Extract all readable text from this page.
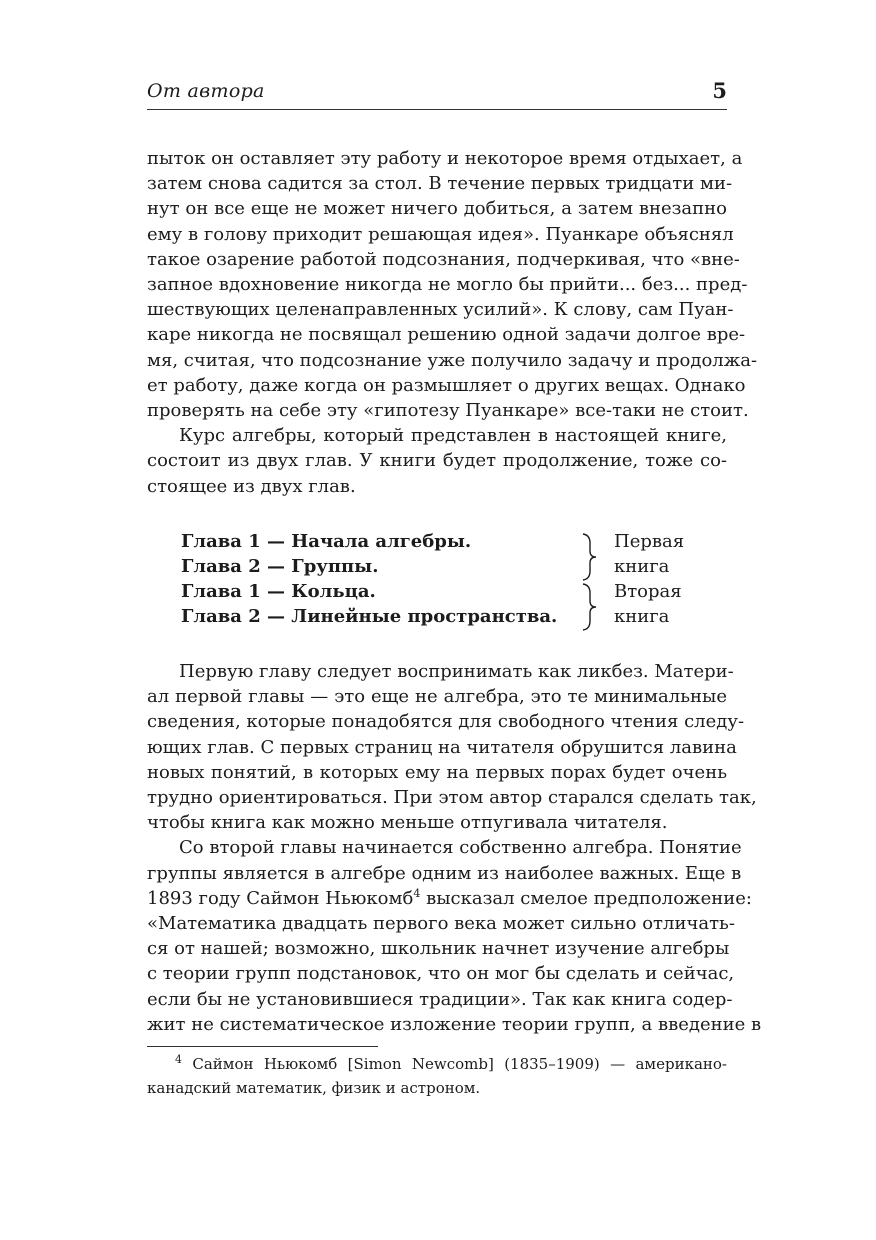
От автора	5
пыток он оставляет эту работу и некоторое время отдыхает, а
затем снова садится за стол. В течение первых тридцати ми-
нут он все еще не может ничего добиться, а затем внезапно
ему в голову приходит решающая идея». Пуанкаре объяснял
такое озарение работой подсознания, подчеркивая, что «вне-
запное вдохновение никогда не могло бы прийти... без... пред-
шествующих целенаправленных усилий». К слову, сам Пуан-
каре никогда не посвящал решению одной задачи долгое вре-
мя, считая, что подсознание уже получило задачу и продолжа-
ет работу, даже когда он размышляет о других вещах. Однако
проверять на себе эту «гипотезу Пуанкаре» все-таки не стоит.
Курс алгебры, который представлен в настоящей книге,
состоит из двух глав. У книги будет продолжение, тоже со-
стоящее из двух глав.
Глава 1 — Начала алгебры.
Глава 2 — Группы.
Глава 1 — Кольца.
Глава 2 — Линейные пространства.
Первая
книга
Вторая
книга
Первую главу следует воспринимать как ликбез. Матери-
ал первой главы — это еще не алгебра, это те минимальные
сведения, которые понадобятся для свободного чтения следу-
ющих глав. С первых страниц на читателя обрушится лавина
новых понятий, в которых ему на первых порах будет очень
трудно ориентироваться. При этом автор старался сделать так,
чтобы книга как можно меньше отпугивала читателя.
Со второй главы начинается собственно алгебра. Понятие
группы является в алгебре одним из наиболее важных. Еще в
1893 году Саймон Ньюкомб$^4$ высказал смелое предположение:
«Математика двадцать первого века может сильно отличать-
ся от нашей; возможно, школьник начнет изучение алгебры
с теории групп подстановок, что он мог бы сделать и сейчас,
если бы не установившиеся традиции». Так как книга содер-
жит не систематическое изложение теории групп, а введение в
$^4$ Саймон Ньюкомб [Simon Newcomb] (1835–1909) — американо-
канадский математик, физик и астроном.
